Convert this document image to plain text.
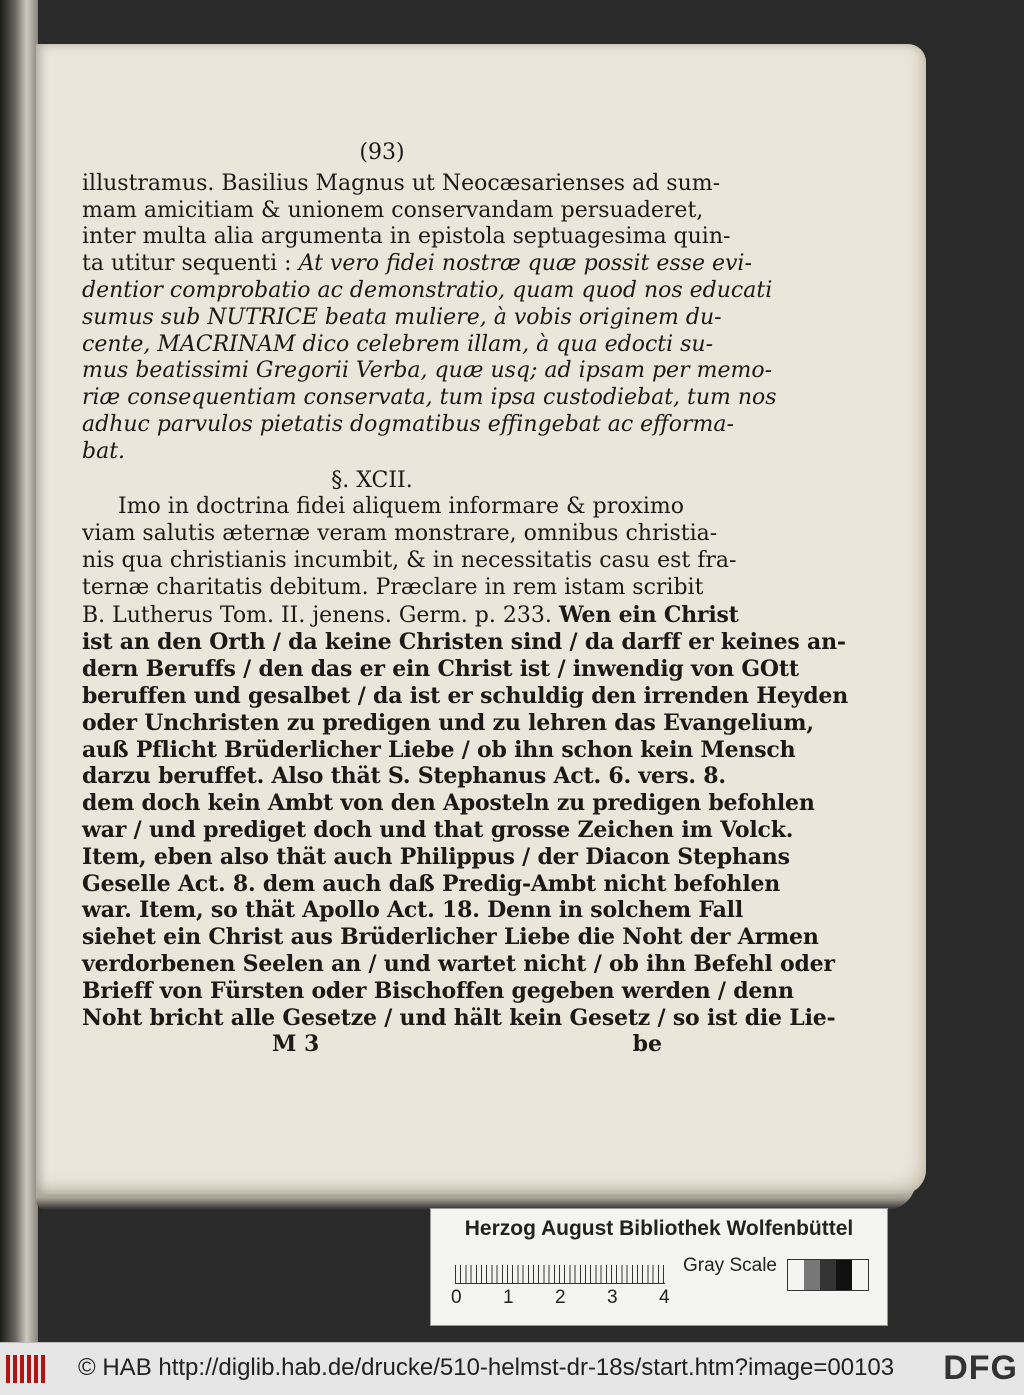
(93)
illustramus. Basilius Magnus ut Neocæsarienses ad sum-
mam amicitiam & unionem conservandam persuaderet,
inter multa alia argumenta in epistola septuagesima quin-
ta utitur sequenti : At vero fidei nostræ quæ possit esse evi-
dentior comprobatio ac demonstratio, quam quod nos educati
sumus sub NUTRICE beata muliere, à vobis originem du-
cente, MACRINAM dico celebrem illam, à qua edocti su-
mus beatissimi Gregorii Verba, quæ usq; ad ipsam per memo-
riæ consequentiam conservata, tum ipsa custodiebat, tum nos
adhuc parvulos pietatis dogmatibus effingebat ac efforma-
bat.
§. XCII.
Imo in doctrina fidei aliquem informare & proximo
viam salutis æternæ veram monstrare, omnibus christia-
nis qua christianis incumbit, & in necessitatis casu est fra-
ternæ charitatis debitum. Præclare in rem istam scribit
B. Lutherus Tom. II. jenens. Germ. p. 233. Wen ein Christ
ist an den Orth / da keine Christen sind / da darff er keines an-
dern Beruffs / den das er ein Christ ist / inwendig von GOtt
beruffen und gesalbet / da ist er schuldig den irrenden Heyden
oder Unchristen zu predigen und zu lehren das Evangelium,
auß Pflicht Brüderlicher Liebe / ob ihn schon kein Mensch
darzu beruffet. Also thät S. Stephanus Act. 6. vers. 8.
dem doch kein Ambt von den Aposteln zu predigen befohlen
war / und prediget doch und that grosse Zeichen im Volck.
Item, eben also thät auch Philippus / der Diacon Stephans
Geselle Act. 8. dem auch daß Predig-Ambt nicht befohlen
war. Item, so thät Apollo Act. 18. Denn in solchem Fall
siehet ein Christ aus Brüderlicher Liebe die Noht der Armen
verdorbenen Seelen an / und wartet nicht / ob ihn Befehl oder
Brieff von Fürsten oder Bischoffen gegeben werden / denn
Noht bricht alle Gesetze / und hält kein Gesetz / so ist die Lie-
M 3	be
Herzog August Bibliothek Wolfenbüttel
0 1 2 3 4
Gray Scale
© HAB http://diglib.hab.de/drucke/510-helmst-dr-18s/start.htm?image=00103 DFG
